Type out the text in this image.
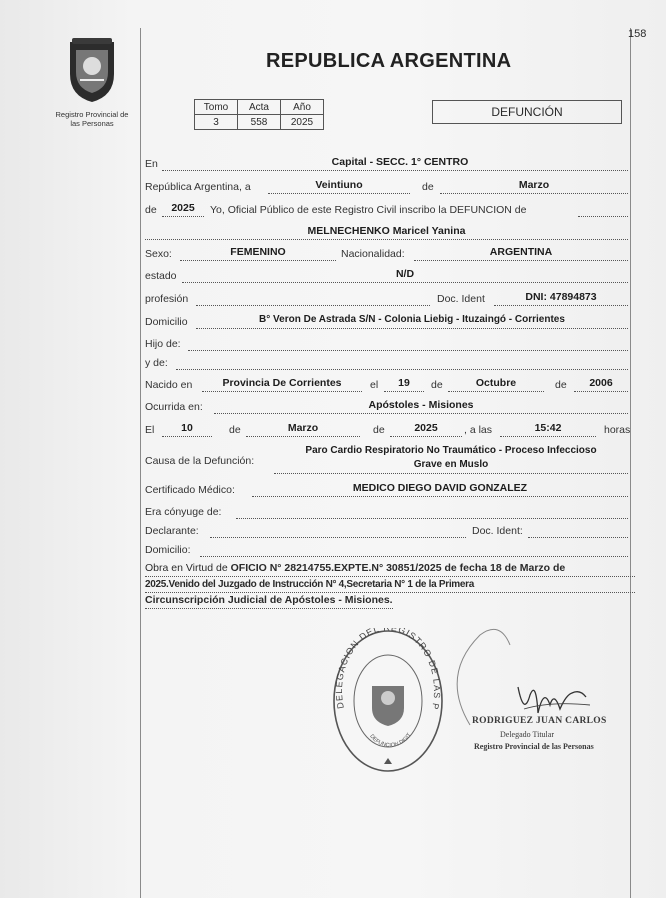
158
Registro Provincial de
las Personas
REPUBLICA ARGENTINA
Tomo	Acta	Año
3	558	2025
DEFUNCIÓN
En	Capital - SECC. 1° CENTRO
República Argentina, a	Veintiuno	de	Marzo
de	2025	Yo, Oficial Público de este Registro Civil inscribo la DEFUNCION de
MELNECHENKO Maricel Yanina
Sexo:	FEMENINO	Nacionalidad:	ARGENTINA
estado	N/D
profesión	Doc. Ident	DNI: 47894873
Domicilio	B° Veron De Astrada S/N - Colonia Liebig - Ituzaingó - Corrientes
Hijo de:
y de:
Nacido en	Provincia De Corrientes	el	19	de	Octubre	de	2006
Ocurrida en:	Apóstoles - Misiones
El	10	de	Marzo	de	2025	, a las	15:42	horas
Causa de la Defunción:
Paro Cardio Respiratorio No Traumático - Proceso Infeccioso
Grave en Muslo
Certificado Médico:	MEDICO DIEGO DAVID GONZALEZ
Era cónyuge de:
Declarante:	Doc. Ident:
Domicilio:
Obra en Virtud de OFICIO N° 28214755.EXPTE.N° 30851/2025 de fecha 18 de Marzo de
2025.Venido del Juzgado de Instrucción N° 4,Secretaria N° 1 de la Primera
Circunscripción Judicial de Apóstoles - Misiones.
DELEGACION DEL EGISTRO DE LAS P
DEFUNCION DIGIT
RODRIGUEZ JUAN CARLOS
Delegado Titular
Registro Provincial de las Personas
